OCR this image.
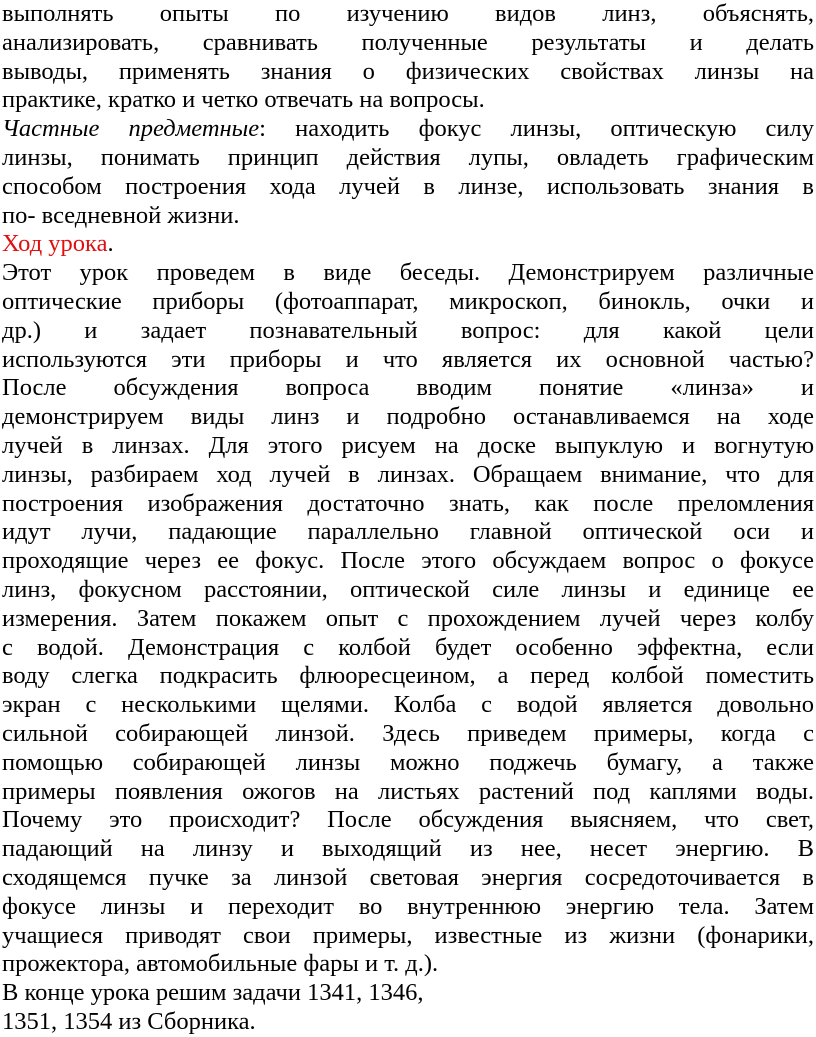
выполнять опыты по изучению видов линз, объяснять,
анализировать, сравнивать полученные результаты и делать
выводы, применять знания о физических свойствах линзы на
практике, кратко и четко отвечать на вопросы.
Частные предметные: находить фокус линзы, оптическую силу
линзы, понимать принцип действия лупы, овладеть графическим
способом построения хода лучей в линзе, использовать знания в
по- вседневной жизни.
Ход урока.
Этот урок проведем в виде беседы. Демонстрируем различные
оптические приборы (фотоаппарат, микроскоп, бинокль, очки и
др.) и задает познавательный вопрос: для какой цели
используются эти приборы и что является их основной частью?
После обсуждения вопроса вводим понятие «линза» и
демонстрируем виды линз и подробно останавливаемся на ходе
лучей в линзах. Для этого рисуем на доске выпуклую и вогнутую
линзы, разбираем ход лучей в линзах. Обращаем внимание, что для
построения изображения достаточно знать, как после преломления
идут лучи, падающие параллельно главной оптической оси и
проходящие через ее фокус. После этого обсуждаем вопрос о фокусе
линз, фокусном расстоянии, оптической силе линзы и единице ее
измерения. Затем покажем опыт с прохождением лучей через колбу
с водой. Демонстрация с колбой будет особенно эффектна, если
воду слегка подкрасить флюоресцеином, а перед колбой поместить
экран с несколькими щелями. Колба с водой является довольно
сильной собирающей линзой. Здесь приведем примеры, когда с
помощью собирающей линзы можно поджечь бумагу, а также
примеры появления ожогов на листьях растений под каплями воды.
Почему это происходит? После обсуждения выясняем, что свет,
падающий на линзу и выходящий из нее, несет энергию. В
сходящемся пучке за линзой световая энергия сосредоточивается в
фокусе линзы и переходит во внутреннюю энергию тела. Затем
учащиеся приводят свои примеры, известные из жизни (фонарики,
прожектора, автомобильные фары и т. д.).
В конце урока решим задачи 1341, 1346,
1351, 1354 из Сборника.
